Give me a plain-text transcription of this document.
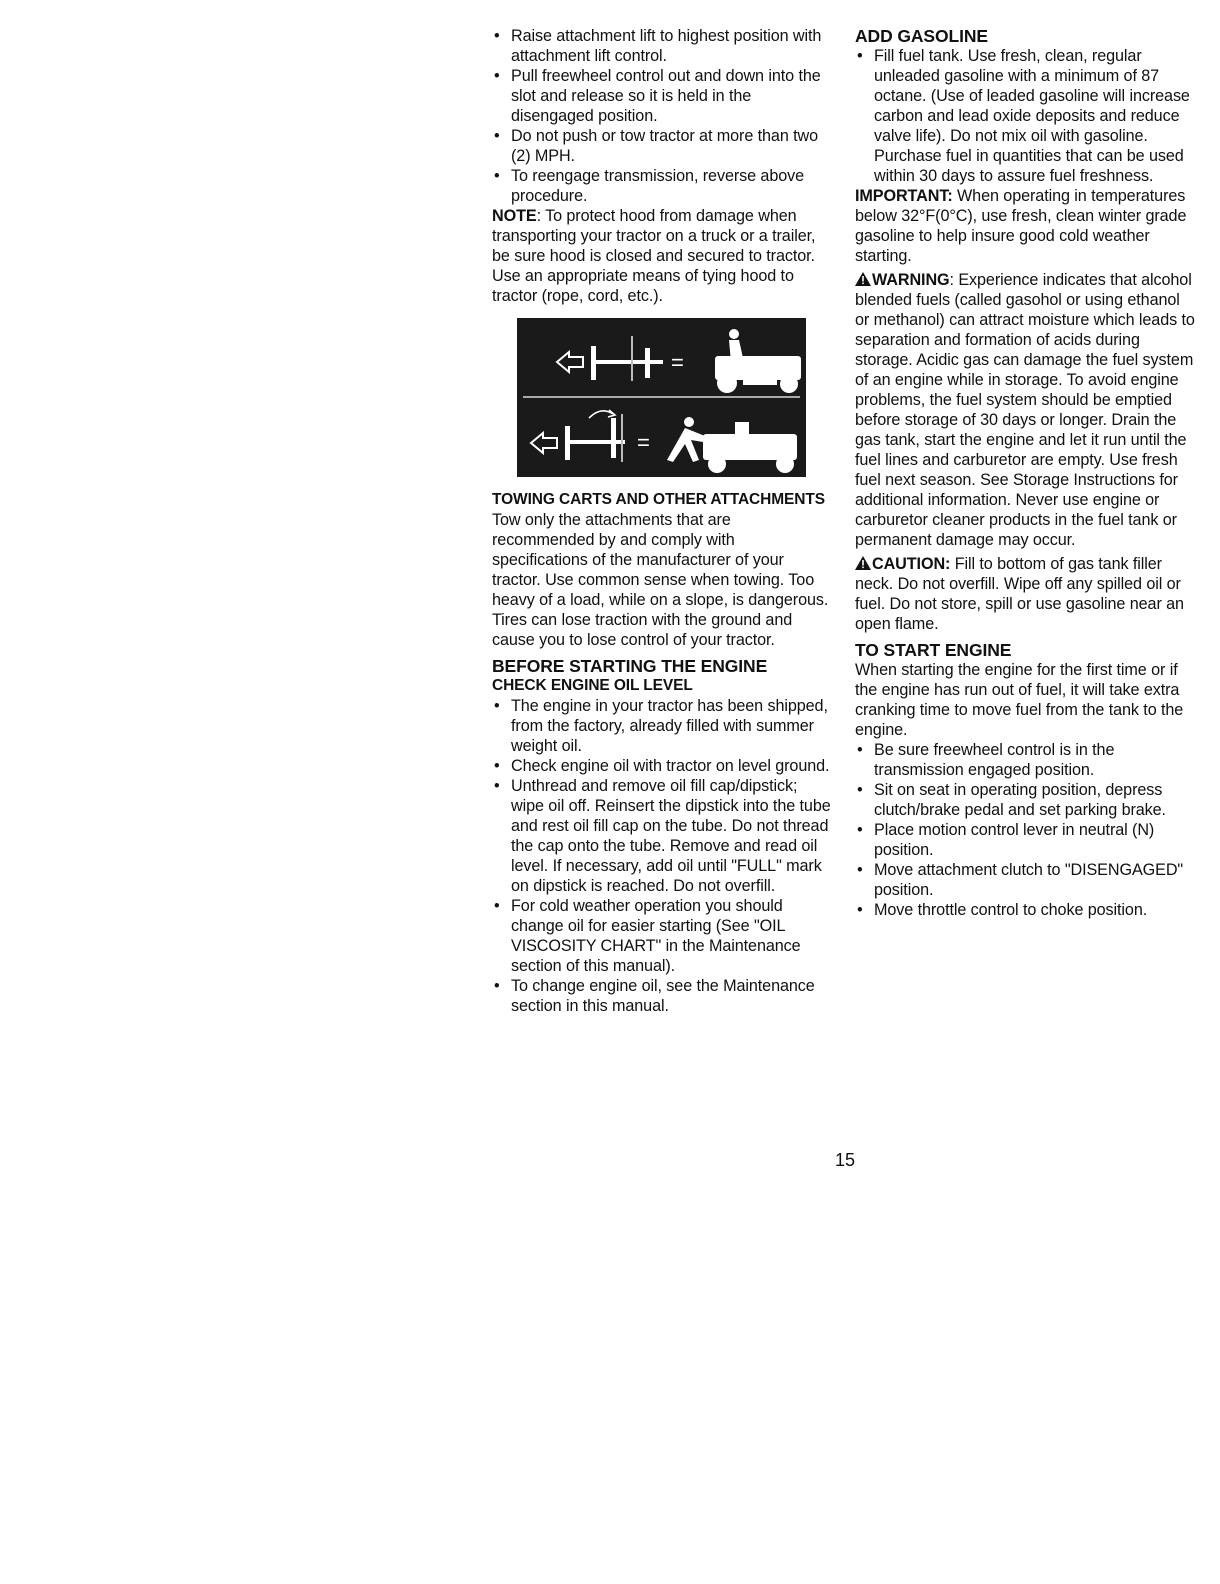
• Raise attachment lift to highest position with attachment lift control.
• Pull freewheel control out and down into the slot and release so it is held in the disengaged position.
• Do not push or tow tractor at more than two (2) MPH.
• To reengage transmission, reverse above procedure.

NOTE: To protect hood from damage when transporting your tractor on a truck or a trailer, be sure hood is closed and secured to tractor. Use an appropriate means of tying hood to tractor (rope, cord, etc.).

=
=
TOWING CARTS AND OTHER ATTACHMENTS

Tow only the attachments that are recommended by and comply with specifications of the manufacturer of your tractor. Use common sense when towing. Too heavy of a load, while on a slope, is dangerous. Tires can lose traction with the ground and cause you to lose control of your tractor.

BEFORE STARTING THE ENGINE
CHECK ENGINE OIL LEVEL
• The engine in your tractor has been shipped, from the factory, already filled with summer weight oil.
• Check engine oil with tractor on level ground.
• Unthread and remove oil fill cap/dipstick; wipe oil off. Reinsert the dipstick into the tube and rest oil fill cap on the tube. Do not thread the cap onto the tube. Remove and read oil level. If necessary, add oil until "FULL" mark on dipstick is reached. Do not overfill.
• For cold weather operation you should change oil for easier starting (See "OIL VISCOSITY CHART" in the Maintenance section of this manual).
• To change engine oil, see the Maintenance section in this manual.
ADD GASOLINE
• Fill fuel tank. Use fresh, clean, regular unleaded gasoline with a minimum of 87 octane. (Use of leaded gasoline will increase carbon and lead oxide deposits and reduce valve life). Do not mix oil with gasoline. Purchase fuel in quantities that can be used within 30 days to assure fuel freshness.

IMPORTANT: When operating in temperatures below 32°F(0°C), use fresh, clean winter grade gasoline to help insure good cold weather starting.

WARNING: Experience indicates that alcohol blended fuels (called gasohol or using ethanol or methanol) can attract moisture which leads to separation and formation of acids during storage. Acidic gas can damage the fuel system of an engine while in storage. To avoid engine problems, the fuel system should be emptied before storage of 30 days or longer. Drain the gas tank, start the engine and let it run until the fuel lines and carburetor are empty. Use fresh fuel next season. See Storage Instructions for additional information. Never use engine or carburetor cleaner products in the fuel tank or permanent damage may occur.

CAUTION: Fill to bottom of gas tank filler neck. Do not overfill. Wipe off any spilled oil or fuel. Do not store, spill or use gasoline near an open flame.

TO START ENGINE

When starting the engine for the first time or if the engine has run out of fuel, it will take extra cranking time to move fuel from the tank to the engine.

• Be sure freewheel control is in the transmission engaged position.
• Sit on seat in operating position, depress clutch/brake pedal and set parking brake.
• Place motion control lever in neutral (N) position.
• Move attachment clutch to "DISENGAGED" position.
• Move throttle control to choke position.
15
